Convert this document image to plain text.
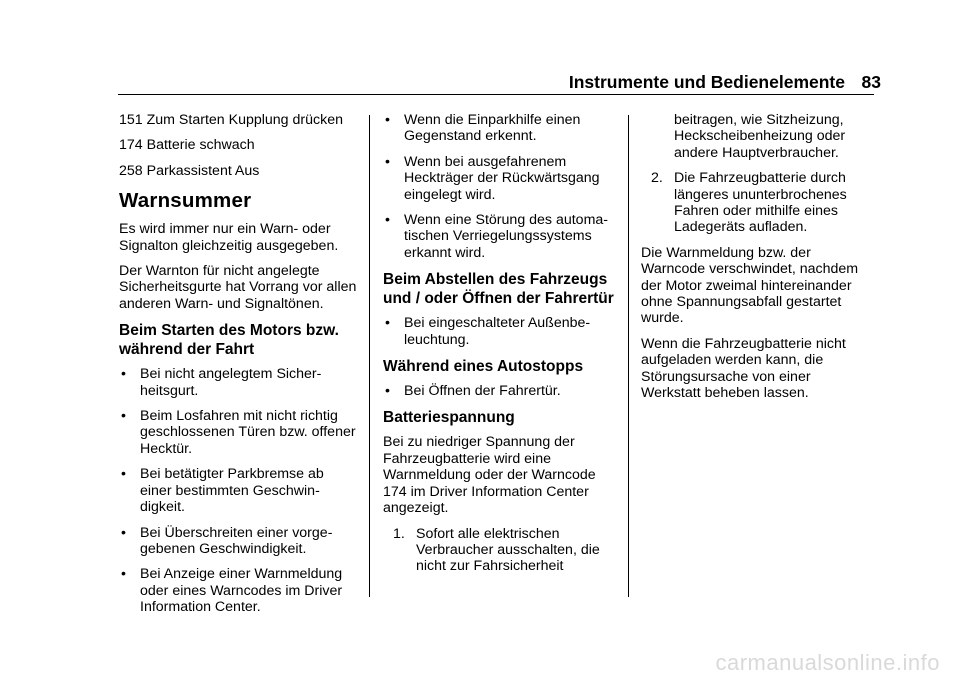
Instrumente und Bedienelemente 83
151 Zum Starten Kupplung drücken
174 Batterie schwach
258 Parkassistent Aus
Warnsummer

Es wird immer nur ein Warn- oder Signalton gleichzeitig ausgegeben.

Der Warnton für nicht angelegte Sicherheitsgurte hat Vorrang vor allen anderen Warn- und Signaltönen.

Beim Starten des Motors bzw. während der Fahrt
• Bei nicht angelegtem Sicherheitsgurt.
• Beim Losfahren mit nicht richtig geschlossenen Türen bzw. offener Hecktür.
• Bei betätigter Parkbremse ab einer bestimmten Geschwindigkeit.
• Bei Überschreiten einer vorgegebenen Geschwindigkeit.
• Bei Anzeige einer Warnmeldung oder eines Warncodes im Driver Information Center.
• Wenn die Einparkhilfe einen Gegenstand erkennt.
• Wenn bei ausgefahrenem Heckträger der Rückwärtsgang eingelegt wird.
• Wenn eine Störung des automatischen Verriegelungssystems erkannt wird.
Beim Abstellen des Fahrzeugs und / oder Öffnen der Fahrertür
• Bei eingeschalteter Außenbeleuchtung.
Während eines Autostopps
• Bei Öffnen der Fahrertür.
Batteriespannung

Bei zu niedriger Spannung der Fahrzeugbatterie wird eine Warnmeldung oder der Warncode 174 im Driver Information Center angezeigt.

1. Sofort alle elektrischen Verbraucher ausschalten, die nicht zur Fahrsicherheit
beitragen, wie Sitzheizung, Heckscheibenheizung oder andere Hauptverbraucher.
2. Die Fahrzeugbatterie durch längeres ununterbrochenes Fahren oder mithilfe eines Ladegeräts aufladen.

Die Warnmeldung bzw. der Warncode verschwindet, nachdem der Motor zweimal hintereinander ohne Spannungsabfall gestartet wurde.

Wenn die Fahrzeugbatterie nicht aufgeladen werden kann, die Störungsursache von einer Werkstatt beheben lassen.

carmanualsonline.info
